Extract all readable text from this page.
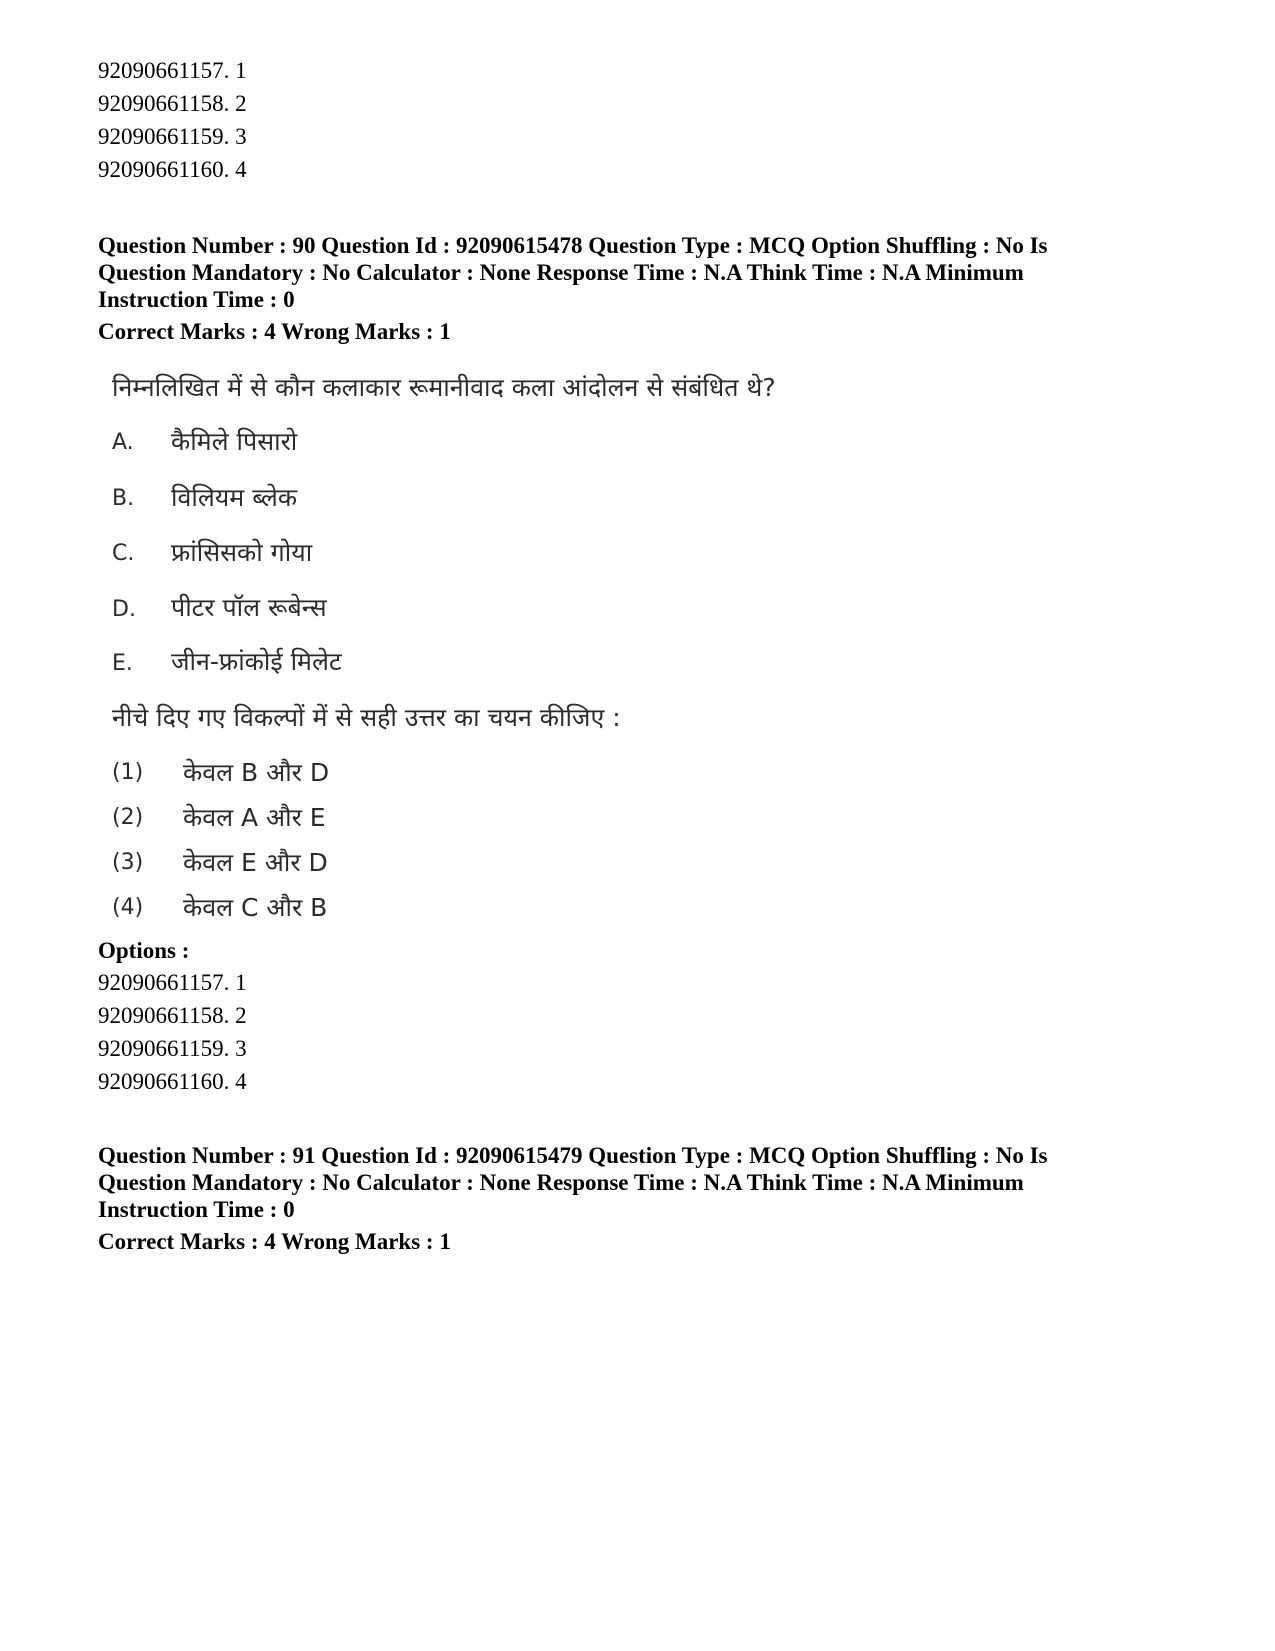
92090661157. 1
92090661158. 2
92090661159. 3
92090661160. 4
Question Number : 90 Question Id : 92090615478 Question Type : MCQ Option Shuffling : No Is
Question Mandatory : No Calculator : None Response Time : N.A Think Time : N.A Minimum
Instruction Time : 0
Correct Marks : 4 Wrong Marks : 1
निम्नलिखित में से कौन कलाकार रूमानीवाद कला आंदोलन से संबंधित थे?
A. कैमिले पिसारो
B. विलियम ब्लेक
C. फ्रांसिसको गोया
D. पीटर पॉल रूबेन्स
E. जीन-फ्रांकोई मिलेट
नीचे दिए गए विकल्पों में से सही उत्तर का चयन कीजिए :
(1) केवल B और D
(2) केवल A और E
(3) केवल E और D
(4) केवल C और B
Options :
92090661157. 1
92090661158. 2
92090661159. 3
92090661160. 4
Question Number : 91 Question Id : 92090615479 Question Type : MCQ Option Shuffling : No Is
Question Mandatory : No Calculator : None Response Time : N.A Think Time : N.A Minimum
Instruction Time : 0
Correct Marks : 4 Wrong Marks : 1
